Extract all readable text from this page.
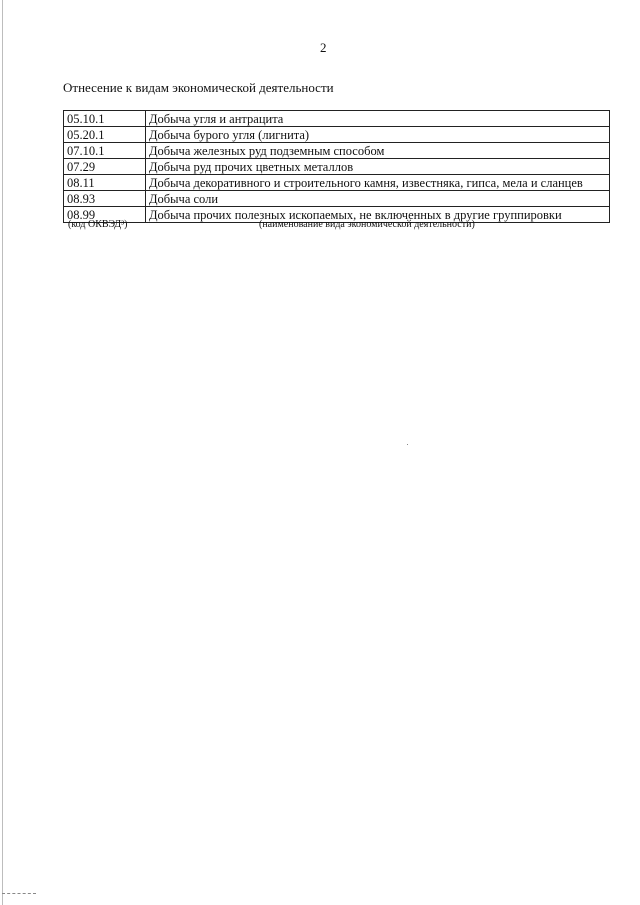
2
Отнесение к видам экономической деятельности
05.10.1	Добыча угля и антрацита
05.20.1	Добыча бурого угля (лигнита)
07.10.1	Добыча железных руд подземным способом
07.29	Добыча руд прочих цветных металлов
08.11	Добыча декоративного и строительного камня, известняка, гипса, мела и сланцев
08.93	Добыча соли
08.99	Добыча прочих полезных ископаемых, не включенных в другие группировки
(код ОКВЭД³)	(наименование вида экономической деятельности)
